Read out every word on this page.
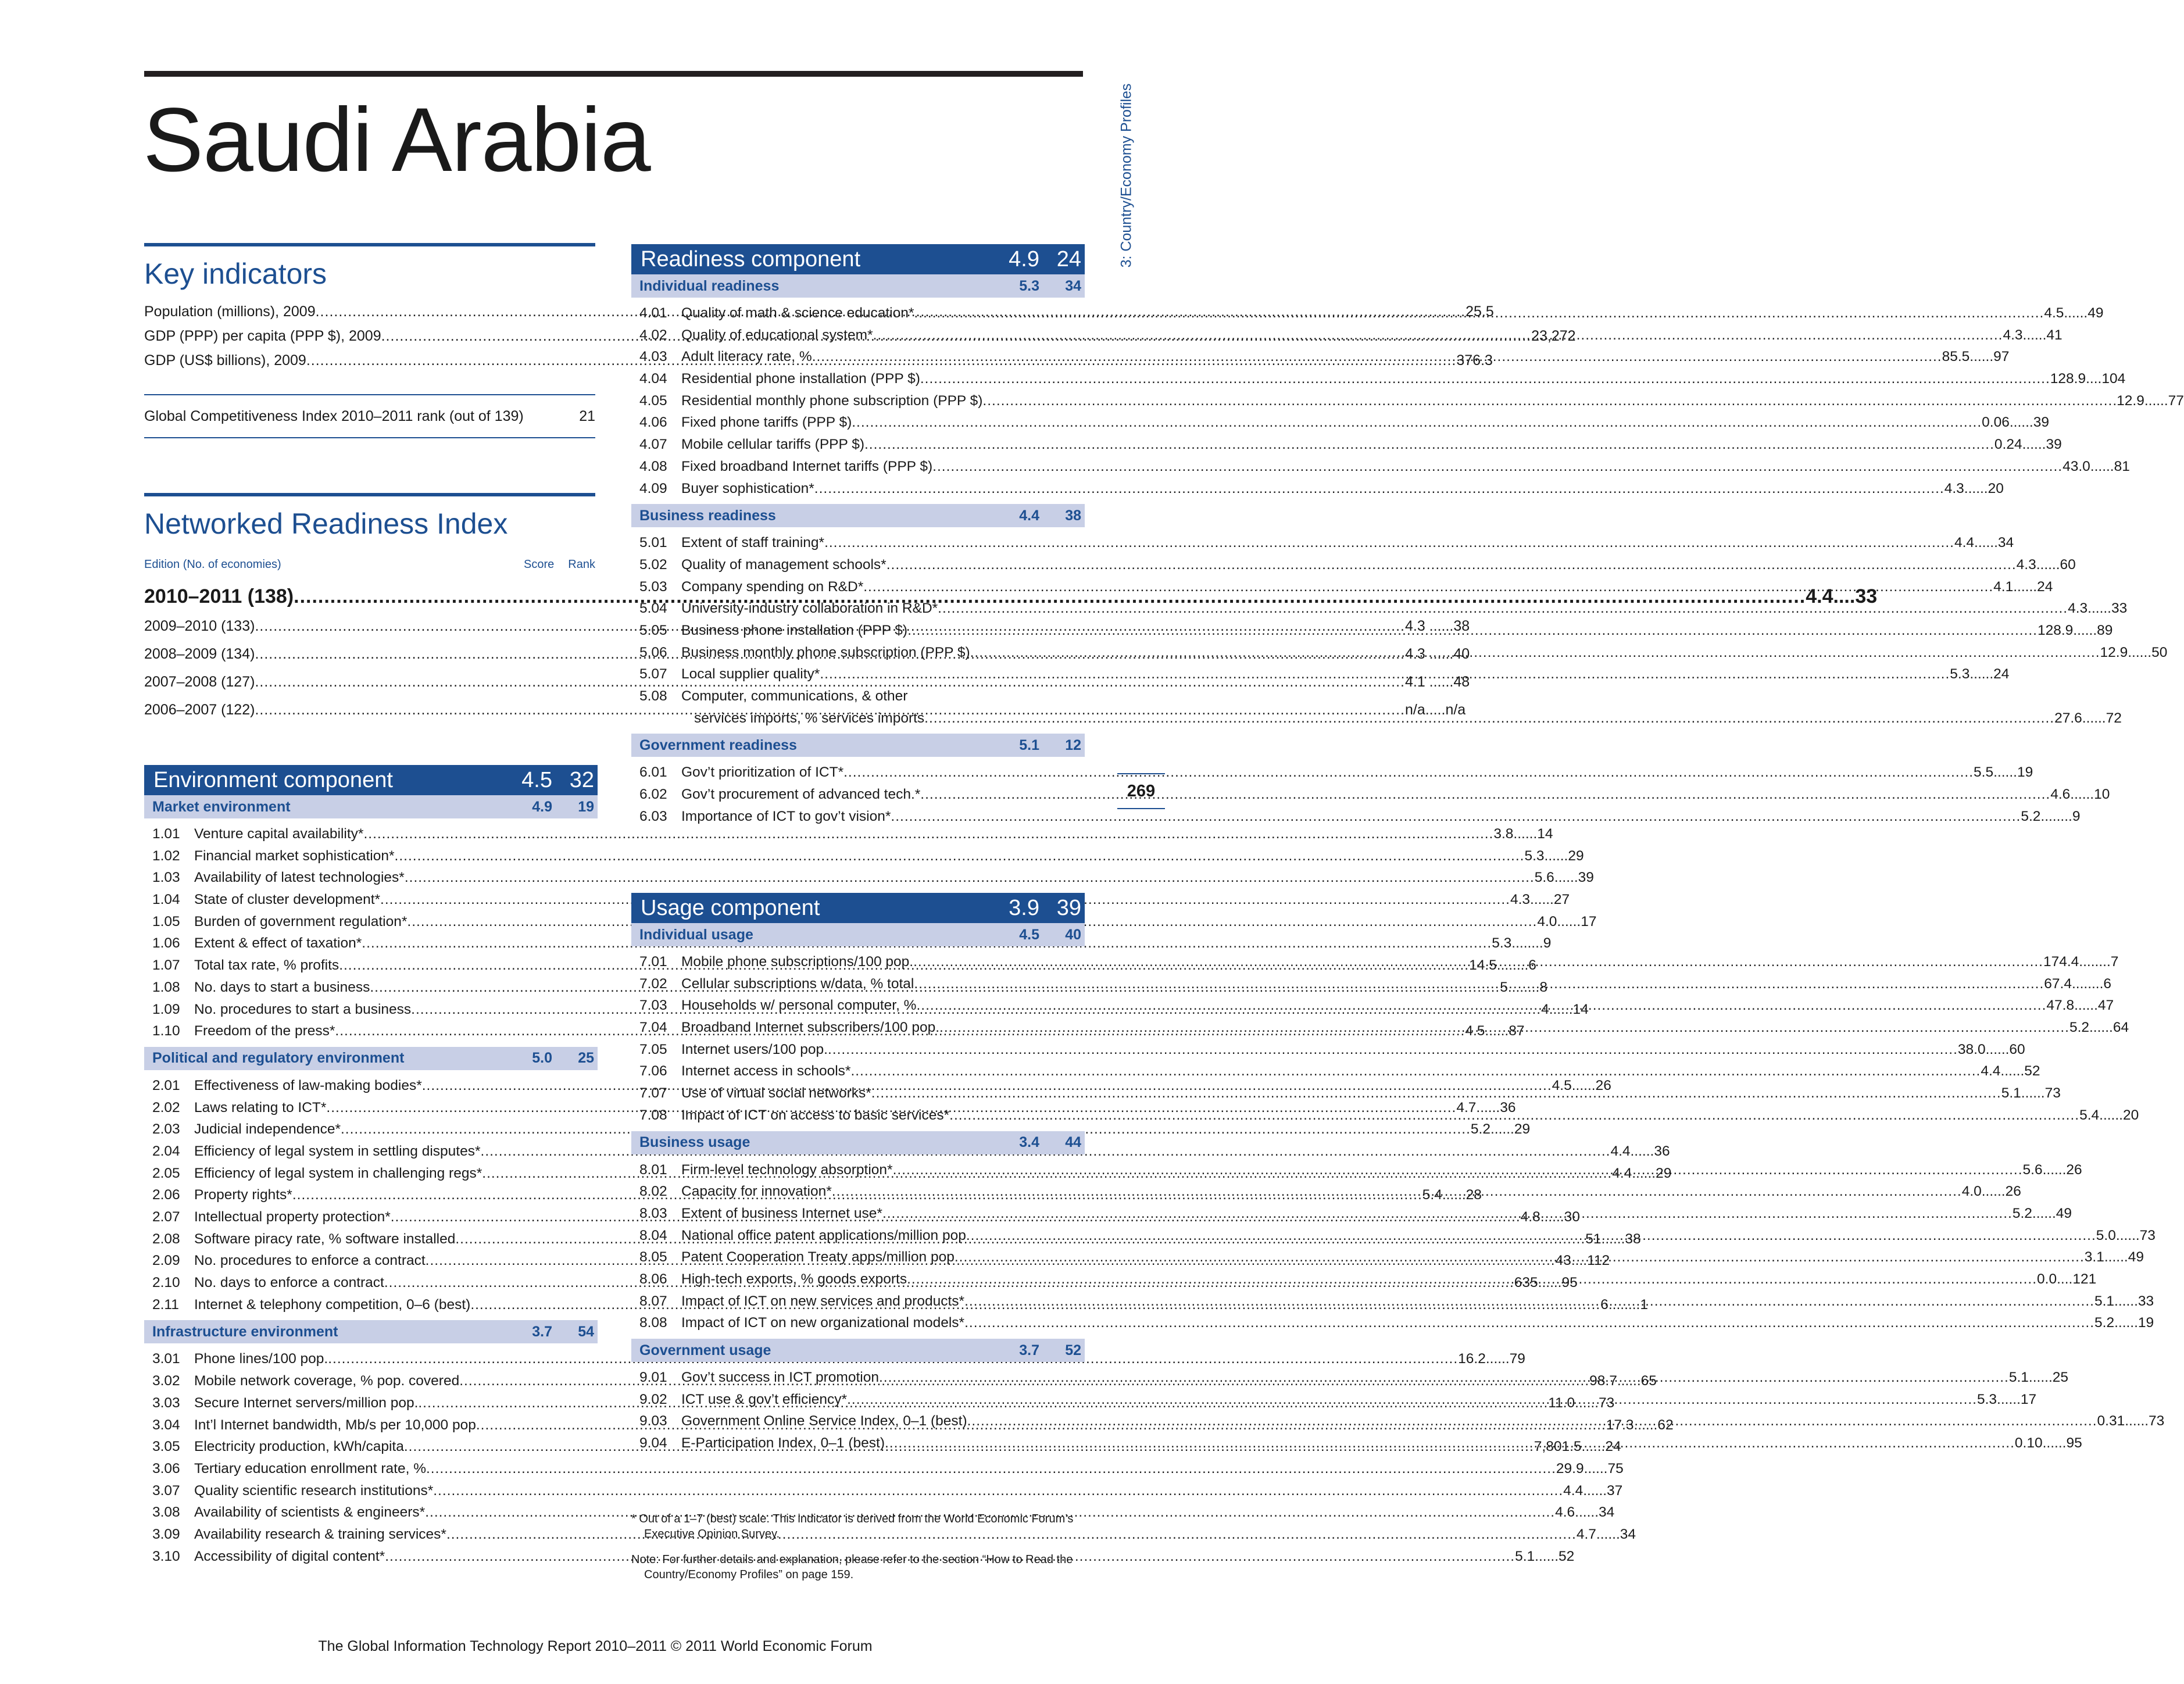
Saudi Arabia	3: Country/Economy Profiles
269
Key indicators
Population (millions), 2009 .....	25.5
GDP (PPP) per capita (PPP $), 2009 .....	23,272
GDP (US$ billions), 2009 .....	376.3
Global Competitiveness Index 2010–2011 rank (out of 139)	21
Networked Readiness Index
Edition (No. of economies)	Score Rank
2010–2011 (138) .....	4.4....33
2009–2010 (133) .....	4.3 ......38
2008–2009 (134) .....	4.3 ......40
2007–2008 (127) .....	4.1 ......48
2006–2007 (122) .....	n/a.....n/a
Environment component	4.5 32
Market environment	4.9	19
1.01 Venture capital availability* .....	3.8......14
1.02 Financial market sophistication* .....	5.3......29
1.03 Availability of latest technologies* .....	5.6......39
1.04 State of cluster development* .....	4.3......27
1.05 Burden of government regulation* .....	4.0......17
1.06 Extent & effect of taxation* .....	5.3........9
1.07 Total tax rate, % profits .....	14.5........6
1.08 No. days to start a business .....	5........8
1.09 No. procedures to start a business .....	4......14
1.10 Freedom of the press* .....	4.5......87
Political and regulatory environment	5.0	25
2.01 Effectiveness of law-making bodies* .....	4.5......26
2.02 Laws relating to ICT* .....	4.7......36
2.03 Judicial independence* .....	5.2......29
2.04 Efficiency of legal system in settling disputes* .....	4.4......36
2.05 Efficiency of legal system in challenging regs* .....	4.4......29
2.06 Property rights* .....	5.4......28
2.07 Intellectual property protection* .....	4.8......30
2.08 Software piracy rate, % software installed .....	51......38
2.09 No. procedures to enforce a contract .....	43....112
2.10 No. days to enforce a contract .....	635......95
2.11	Internet & telephony competition, 0–6 (best) .....	6........1
Infrastructure environment	3.7	54
3.01 Phone lines/100 pop. .....	16.2......79
3.02 Mobile network coverage, % pop. covered .....	98.7......65
3.03 Secure Internet servers/million pop. .....	11.0......73
3.04 Int’l Internet bandwidth, Mb/s per 10,000 pop .....	17.3......62
3.05 Electricity production, kWh/capita .....	7,801.5......24
3.06 Tertiary education enrollment rate, % .....	29.9......75
3.07 Quality scientific research institutions* .....	4.4......37
3.08 Availability of scientists & engineers* .....	4.6......34
3.09 Availability research & training services* .....	4.7......34
3.10 Accessibility of digital content* .....	5.1......52
Readiness component	4.9 24
Individual readiness	5.3	34
4.01 Quality of math & science education* .....	4.5......49
4.02 Quality of educational system* .....	4.3......41
4.03 Adult literacy rate, % .....	85.5......97
4.04 Residential phone installation (PPP $) .....	128.9....104
4.05 Residential monthly phone subscription (PPP $) .....	.12.9......77
4.06 Fixed phone tariffs (PPP $) .....	0.06......39
4.07 Mobile cellular tariffs (PPP $) .....	0.24......39
4.08 Fixed broadband Internet tariffs (PPP $) .....	43.0......81
4.09 Buyer sophistication* .....	4.3......20
Business readiness	4.4	38
5.01 Extent of staff training* .....	4.4......34
5.02 Quality of management schools* .....	4.3......60
5.03 Company spending on R&D* .....	4.1......24
5.04 University-industry collaboration in R&D* .....	4.3......33
5.05 Business phone installation (PPP $) .....	128.9......89
5.06 Business monthly phone subscription (PPP $) .....	12.9......50
5.07 Local supplier quality* .....	5.3......24
5.08 Computer, communications, & other
services imports, % services imports .....	27.6......72
Government readiness	5.1	12
6.01 Gov’t prioritization of ICT* .....	5.5......19
6.02 Gov’t procurement of advanced tech.* .....	4.6......10
6.03 Importance of ICT to gov’t vision* .....	5.2........9
Usage component	3.9 39
Individual usage	4.5	40
7.01 Mobile phone subscriptions/100 pop. .....	174.4........7
7.02 Cellular subscriptions w/data, % total .....	67.4........6
7.03 Households w/ personal computer, % .....	47.8......47
7.04 Broadband Internet subscribers/100 pop. .....	5.2......64
7.05 Internet users/100 pop. .....	38.0......60
7.06 Internet access in schools* .....	4.4......52
7.07 Use of virtual social networks* .....	5.1......73
7.08 Impact of ICT on access to basic services* .....	5.4......20
Business usage	3.4	44
8.01 Firm-level technology absorption* .....	5.6......26
8.02 Capacity for innovation* .....	4.0......26
8.03 Extent of business Internet use* .....	5.2......49
8.04 National office patent applications/million pop .....	5.0......73
8.05 Patent Cooperation Treaty apps/million pop .....	3.1......49
8.06 High-tech exports, % goods exports .....	0.0....121
8.07 Impact of ICT on new services and products* .....	5.1......33
8.08 Impact of ICT on new organizational models* .....	5.2......19
Government usage	3.7	52
9.01 Gov’t success in ICT promotion .....	5.1......25
9.02 ICT use & gov’t efficiency* .....	5.3......17
9.03 Government Online Service Index, 0–1 (best) .....	0.31......73
9.04 E-Participation Index, 0–1 (best) .....	0.10......95

* Out of a 1–7 (best) scale. This indicator is derived from the World Economic Forum’s Executive Opinion Survey.

Note: For further details and explanation, please refer to the section “How to Read the Country/Economy Profiles” on page 159.

The Global Information Technology Report 2010–2011 © 2011 World Economic Forum
